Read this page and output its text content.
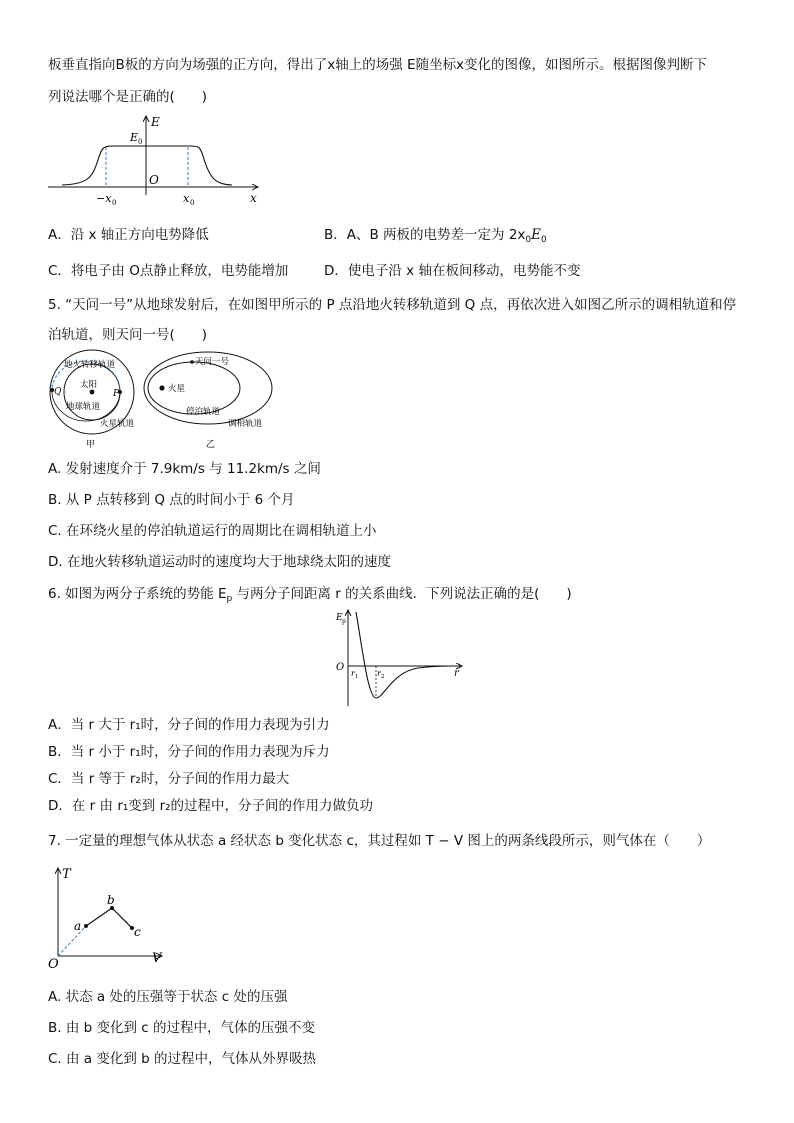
板垂直指向B板的方向为场强的正方向，得出了x轴上的场强 E随坐标x变化的图像，如图所示。根据图像判断下
列说法哪个是正确的(　　)
E
E 0
O
−x 0	x 0	x
A．沿 x 轴正方向电势降低	B．A、B 两板的电势差一定为 $2x_0E_0$
C．将电子由 O点静止释放，电势能增加	D．使电子沿 x 轴在板间移动，电势能不变
5. “天问一号”从地球发射后，在如图甲所示的 P 点沿地火转移轨道到 Q 点，再依次进入如图乙所示的调相轨道和停
泊轨道，则天问一号(　　)
地火转移轨道
太阳
地球轨道
火星轨道
P
Q
甲
火星
天问一号
停泊轨道
调相轨道
乙
A. 发射速度介于 7.9km/s 与 11.2km/s 之间
B. 从 P 点转移到 Q 点的时间小于 6 个月
C. 在环绕火星的停泊轨道运行的周期比在调相轨道上小
D. 在地火转移轨道运动时的速度均大于地球绕太阳的速度
6. 如图为两分子系统的势能 $E_p$ 与两分子间距离 r 的关系曲线．下列说法正确的是(　　)
E p
O
r 1 r 2	r
A．当 r 大于 r₁时，分子间的作用力表现为引力
B．当 r 小于 r₁时，分子间的作用力表现为斥力
C．当 r 等于 r₂时，分子间的作用力最大
D．在 r 由 r₁变到 r₂的过程中，分子间的作用力做负功
7. 一定量的理想气体从状态 a 经状态 b 变化状态 c，其过程如 T − V 图上的两条线段所示，则气体在（　　）
T
O	V
a
b
c
A. 状态 a 处的压强等于状态 c 处的压强
B. 由 b 变化到 c 的过程中，气体的压强不变
C. 由 a 变化到 b 的过程中，气体从外界吸热
